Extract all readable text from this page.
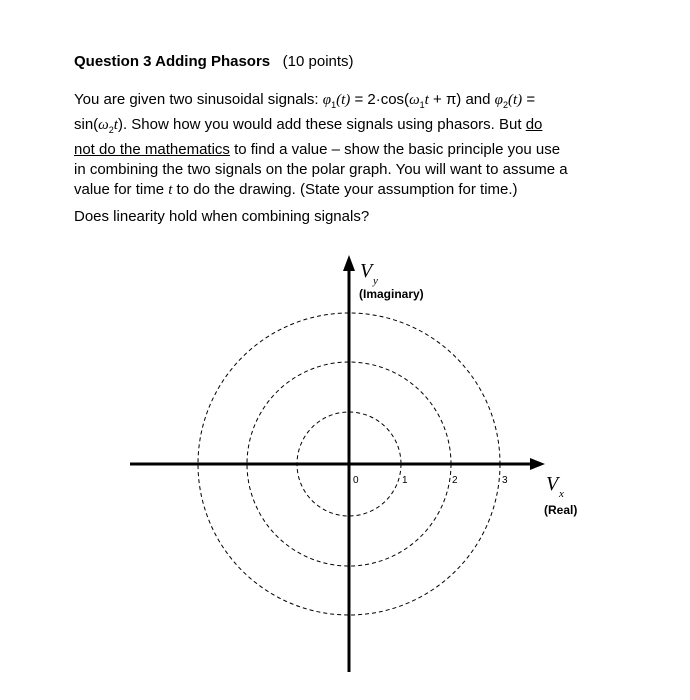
Question 3 Adding Phasors (10 points)
You are given two sinusoidal signals: $\varphi_1(t) = 2\cdot\cos(\omega_1t + \pi)$ and $\varphi_2(t)$ =
$\sin(\omega_2t)$. Show how you would add these signals using phasors. But do
not do the mathematics to find a value – show the basic principle you use
in combining the two signals on the polar graph. You will want to assume a
value for time t to do the drawing. (State your assumption for time.)
Does linearity hold when combining signals?
V y
(Imaginary)
V x
(Real)
0	1	2	3
